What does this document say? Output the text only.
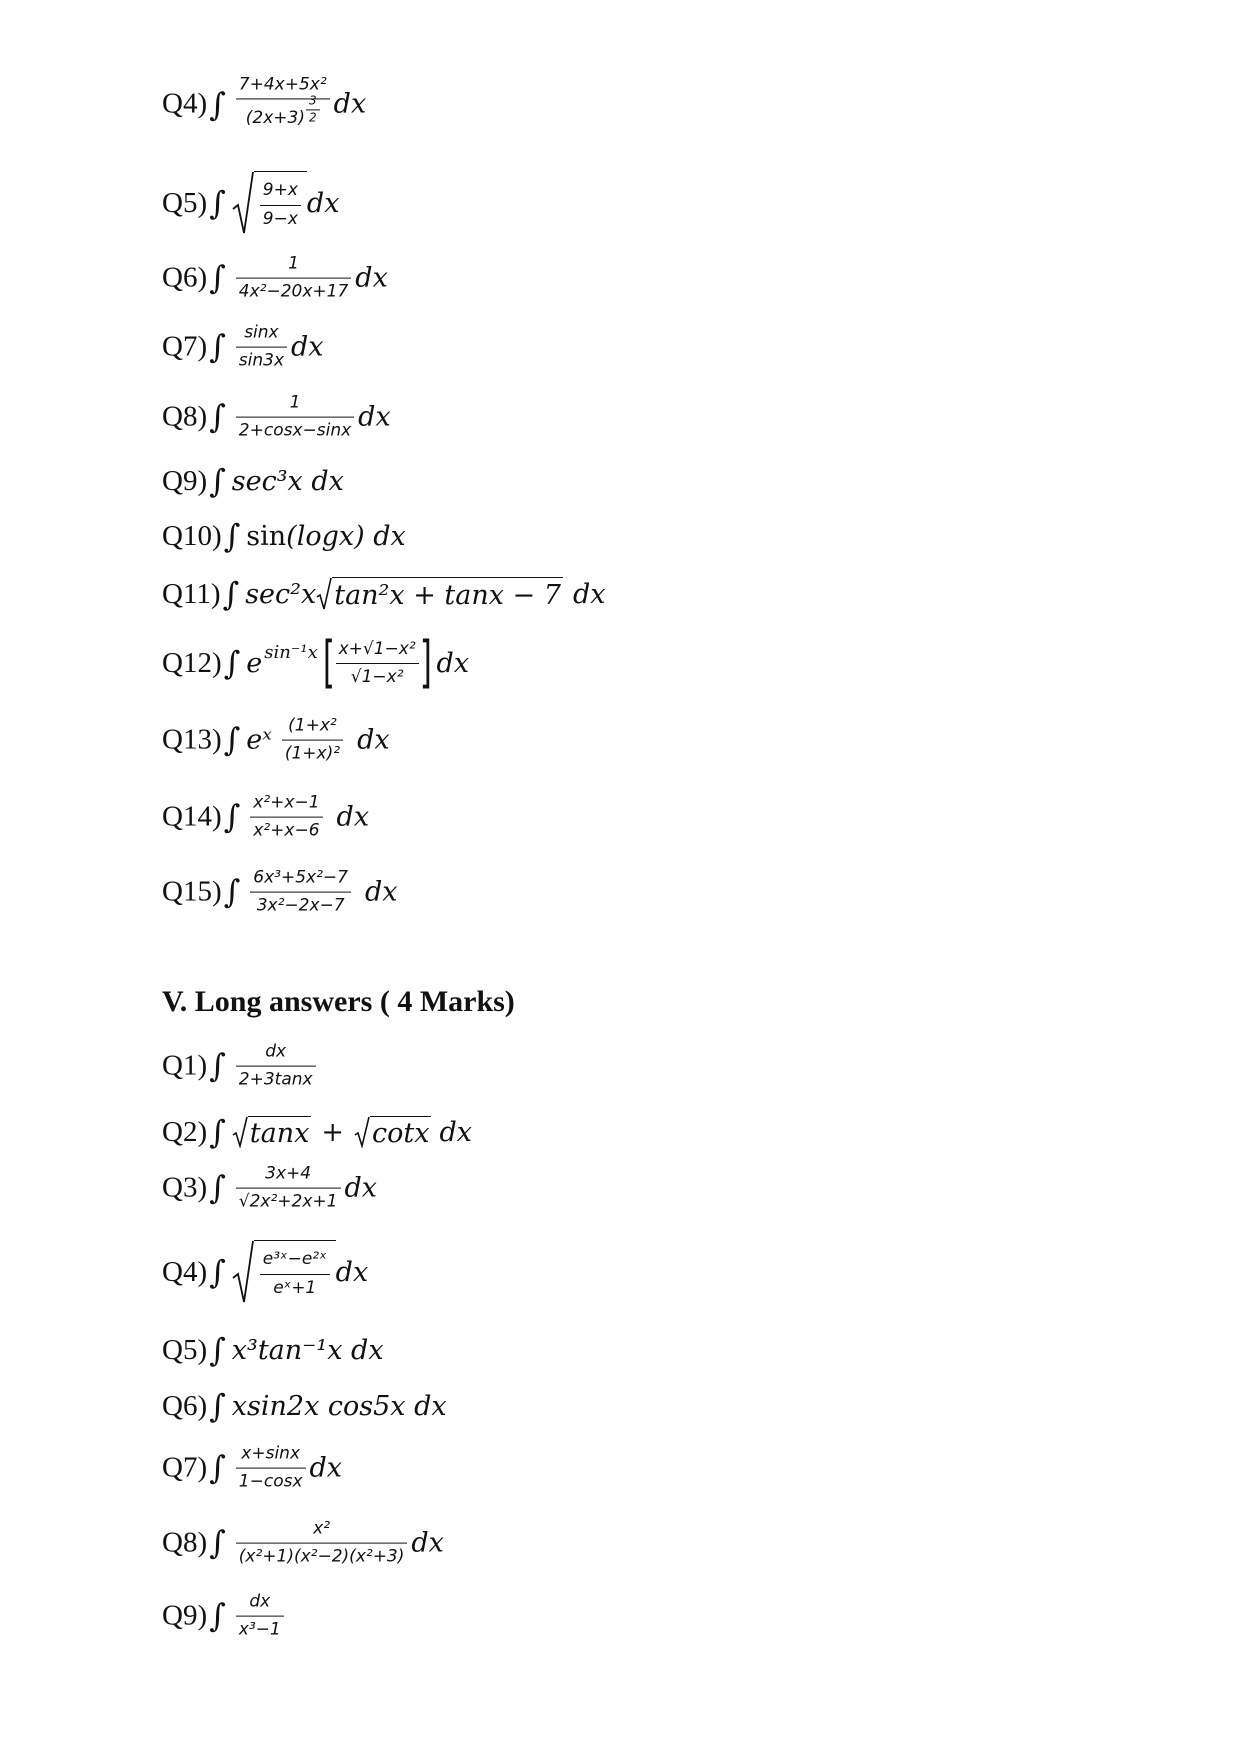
Q4) ∫ $\frac{\text{7+4x+5x²}}{(2x+3) \frac{3}{2}}$ dx
Q5) ∫ $\frac{9+x}{9-x}$ dx
Q6) ∫ $\frac{1}{\text{4x²−20x+17}}$ dx
Q7) ∫ $\frac{\sin x}{\sin 3x}$ dx
Q8) ∫ $\frac{1}{2+\cos x-\sin x}$ dx
Q9) ∫ sec³x dx
Q10) ∫ sin (logx) dx
Q11) ∫ sec²x tan²x + tanx − 7 dx
Q12) ∫ e sin⁻¹x [ $\frac{\text{x+√1−x²}}{\text{√1−x²}}$ ] dx
Q13) ∫ eˣ $\frac{\text{(1+x²}}{\text{(1+x)²}}$ dx
Q14) ∫ $\frac{\text{x²+x−1}}{\text{x²+x−6}}$ dx
Q15) ∫ $\frac{\text{6x³+5x²−7}}{\text{3x²−2x−7}}$ dx
V. Long answers ( 4 Marks)
Q1) ∫ $\frac{dx}{2+3\tan x}$
Q2) ∫ tanx + cotx dx
Q3) ∫ $\frac{3x+4}{\text{√2x²+2x+1}}$ dx
Q4) ∫ $\frac{\text{e³ˣ−e²ˣ}}{\text{eˣ+1}}$ dx
Q5) ∫ x³tan⁻¹x dx
Q6) ∫ xsin2x cos5x dx
Q7) ∫ $\frac{x+\sin x}{1-\cos x}$ dx
Q8) ∫ $\frac{\text{x²}}{\text{(x²+1)(x²−2)(x²+3)}}$ dx
Q9) ∫ $\frac{dx}{\text{x³−1}}$
